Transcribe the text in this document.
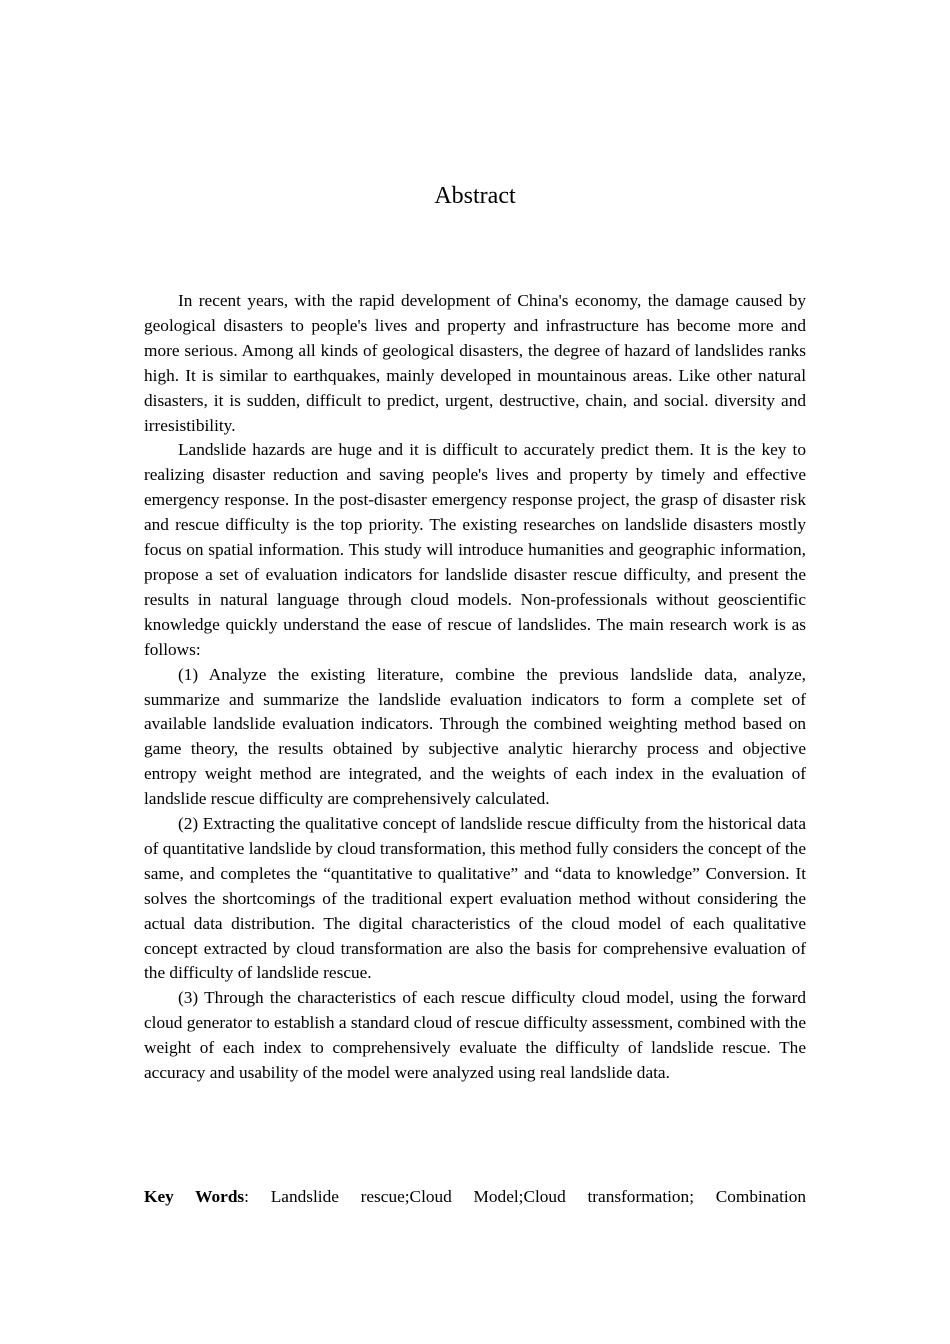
Abstract

In recent years, with the rapid development of China's economy, the damage caused by geological disasters to people's lives and property and infrastructure has become more and more serious. Among all kinds of geological disasters, the degree of hazard of landslides ranks high. It is similar to earthquakes, mainly developed in mountainous areas. Like other natural disasters, it is sudden, difficult to predict, urgent, destructive, chain, and social. diversity and irresistibility.

Landslide hazards are huge and it is difficult to accurately predict them. It is the key to realizing disaster reduction and saving people's lives and property by timely and effective emergency response. In the post-disaster emergency response project, the grasp of disaster risk and rescue difficulty is the top priority. The existing researches on landslide disasters mostly focus on spatial information. This study will introduce humanities and geographic information, propose a set of evaluation indicators for landslide disaster rescue difficulty, and present the results in natural language through cloud models. Non-professionals without geoscientific knowledge quickly understand the ease of rescue of landslides. The main research work is as follows:

(1) Analyze the existing literature, combine the previous landslide data, analyze, summarize and summarize the landslide evaluation indicators to form a complete set of available landslide evaluation indicators. Through the combined weighting method based on game theory, the results obtained by subjective analytic hierarchy process and objective entropy weight method are integrated, and the weights of each index in the evaluation of landslide rescue difficulty are comprehensively calculated.

(2) Extracting the qualitative concept of landslide rescue difficulty from the historical data of quantitative landslide by cloud transformation, this method fully considers the concept of the same, and completes the “quantitative to qualitative” and “data to knowledge” Conversion. It solves the shortcomings of the traditional expert evaluation method without considering the actual data distribution. The digital characteristics of the cloud model of each qualitative concept extracted by cloud transformation are also the basis for comprehensive evaluation of the difficulty of landslide rescue.

(3) Through the characteristics of each rescue difficulty cloud model, using the forward cloud generator to establish a standard cloud of rescue difficulty assessment, combined with the weight of each index to comprehensively evaluate the difficulty of landslide rescue. The accuracy and usability of the model were analyzed using real landslide data.

Key Words: Landslide rescue;Cloud Model;Cloud transformation; Combination
